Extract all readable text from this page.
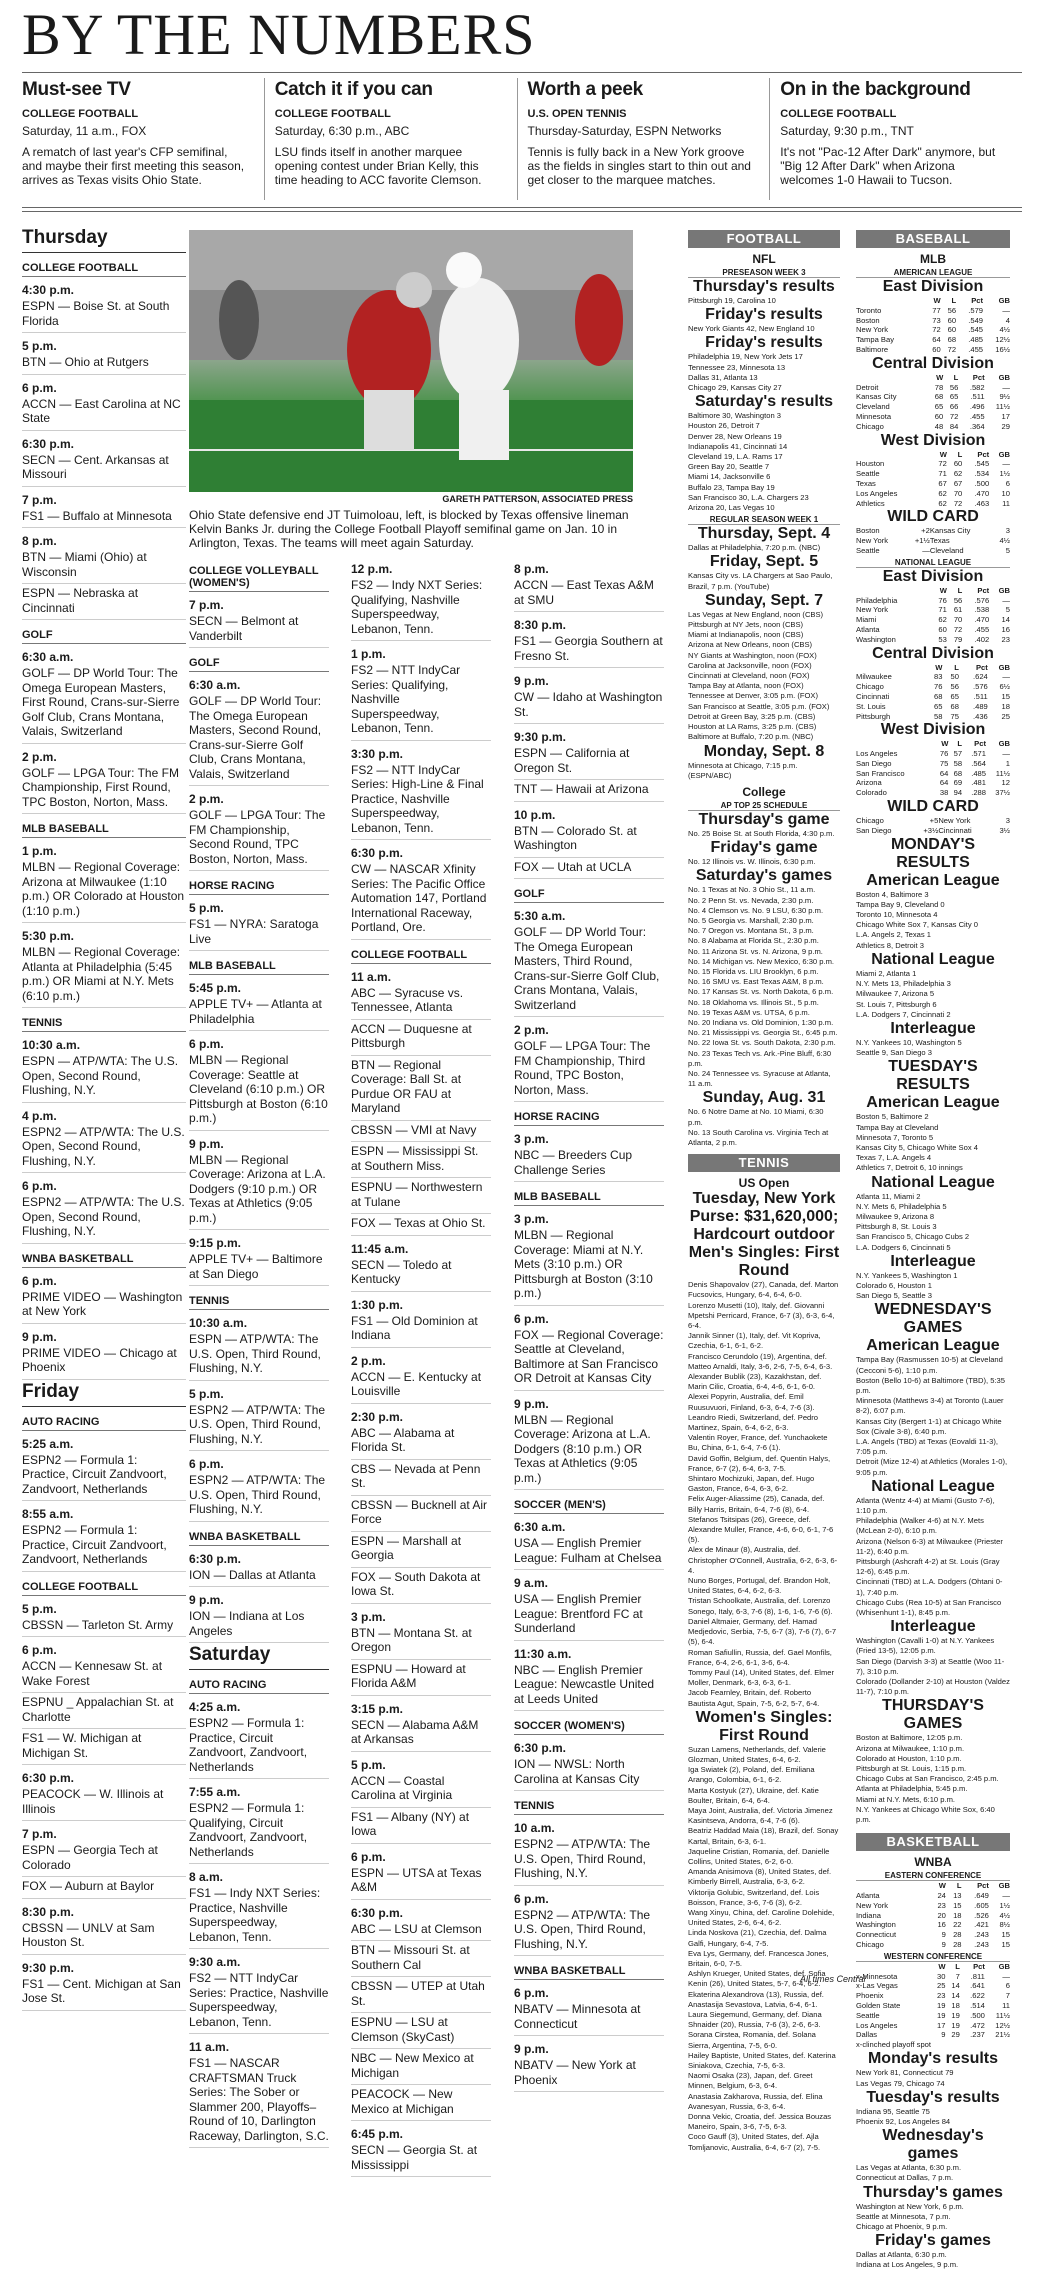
BY THE NUMBERS
Must-see TV
COLLEGE FOOTBALL
Saturday, 11 a.m., FOX

A rematch of last year's CFP semifinal, and maybe their first meeting this season, arrives as Texas visits Ohio State.

Catch it if you can
COLLEGE FOOTBALL
Saturday, 6:30 p.m., ABC

LSU finds itself in another marquee opening contest under Brian Kelly, this time heading to ACC favorite Clemson.

Worth a peek
U.S. OPEN TENNIS
Thursday-Saturday, ESPN Networks

Tennis is fully back in a New York groove as the fields in singles start to thin out and get closer to the marquee matches.

On in the background
COLLEGE FOOTBALL
Saturday, 9:30 p.m., TNT

It's not "Pac-12 After Dark" anymore, but "Big 12 After Dark" when Arizona welcomes 1-0 Hawaii to Tucson.

Thursday
COLLEGE FOOTBALL
4:30 p.m.
ESPN — Boise St. at South Florida
5 p.m.
BTN — Ohio at Rutgers
6 p.m.
ACCN — East Carolina at NC State
6:30 p.m.
SECN — Cent. Arkansas at Missouri
7 p.m.
FS1 — Buffalo at Minnesota
8 p.m.
BTN — Miami (Ohio) at Wisconsin
ESPN — Nebraska at Cincinnati
GOLF
6:30 a.m.
GOLF — DP World Tour: The Omega European Masters, First Round, Crans-sur-Sierre Golf Club, Crans Montana, Valais, Switzerland
2 p.m.
GOLF — LPGA Tour: The FM Championship, First Round, TPC Boston, Norton, Mass.
MLB BASEBALL
1 p.m.
MLBN — Regional Coverage: Arizona at Milwaukee (1:10 p.m.) OR Colorado at Houston (1:10 p.m.)
5:30 p.m.
MLBN — Regional Coverage: Atlanta at Philadelphia (5:45 p.m.) OR Miami at N.Y. Mets (6:10 p.m.)
TENNIS
10:30 a.m.
ESPN — ATP/WTA: The U.S. Open, Second Round, Flushing, N.Y.
4 p.m.
ESPN2 — ATP/WTA: The U.S. Open, Second Round, Flushing, N.Y.
6 p.m.
ESPN2 — ATP/WTA: The U.S. Open, Second Round, Flushing, N.Y.
WNBA BASKETBALL
6 p.m.
PRIME VIDEO — Washington at New York
9 p.m.
PRIME VIDEO — Chicago at Phoenix
Friday
AUTO RACING
5:25 a.m.
ESPN2 — Formula 1: Practice, Circuit Zandvoort, Zandvoort, Netherlands
8:55 a.m.
ESPN2 — Formula 1: Practice, Circuit Zandvoort, Zandvoort, Netherlands
COLLEGE FOOTBALL
5 p.m.
CBSSN — Tarleton St. Army
6 p.m.
ACCN — Kennesaw St. at Wake Forest
ESPNU _ Appalachian St. at Charlotte
FS1 — W. Michigan at Michigan St.
6:30 p.m.
PEACOCK — W. Illinois at Illinois
7 p.m.
ESPN — Georgia Tech at Colorado
FOX — Auburn at Baylor
8:30 p.m.
CBSSN — UNLV at Sam Houston St.
9:30 p.m.
FS1 — Cent. Michigan at San Jose St.
GARETH PATTERSON, ASSOCIATED PRESS
Ohio State defensive end JT Tuimoloau, left, is blocked by Texas offensive lineman Kelvin Banks Jr. during the College Football Playoff semifinal game on Jan. 10 in Arlington, Texas. The teams will meet again Saturday.
COLLEGE VOLLEYBALL (WOMEN'S)
7 p.m.
SECN — Belmont at Vanderbilt
GOLF
6:30 a.m.
GOLF — DP World Tour: The Omega European Masters, Second Round, Crans-sur-Sierre Golf Club, Crans Montana, Valais, Switzerland
2 p.m.
GOLF — LPGA Tour: The FM Championship, Second Round, TPC Boston, Norton, Mass.
HORSE RACING
5 p.m.
FS1 — NYRA: Saratoga Live
MLB BASEBALL
5:45 p.m.
APPLE TV+ — Atlanta at Philadelphia
6 p.m.
MLBN — Regional Coverage: Seattle at Cleveland (6:10 p.m.) OR Pittsburgh at Boston (6:10 p.m.)
9 p.m.
MLBN — Regional Coverage: Arizona at L.A. Dodgers (9:10 p.m.) OR Texas at Athletics (9:05 p.m.)
9:15 p.m.
APPLE TV+ — Baltimore at San Diego
TENNIS
10:30 a.m.
ESPN — ATP/WTA: The U.S. Open, Third Round, Flushing, N.Y.
5 p.m.
ESPN2 — ATP/WTA: The U.S. Open, Third Round, Flushing, N.Y.
6 p.m.
ESPN2 — ATP/WTA: The U.S. Open, Third Round, Flushing, N.Y.
WNBA BASKETBALL
6:30 p.m.
ION — Dallas at Atlanta
9 p.m.
ION — Indiana at Los Angeles
Saturday
AUTO RACING
4:25 a.m.
ESPN2 — Formula 1: Practice, Circuit Zandvoort, Zandvoort, Netherlands
7:55 a.m.
ESPN2 — Formula 1: Qualifying, Circuit Zandvoort, Zandvoort, Netherlands
8 a.m.
FS1 — Indy NXT Series: Practice, Nashville Superspeedway, Lebanon, Tenn.
9:30 a.m.
FS2 — NTT IndyCar Series: Practice, Nashville Superspeedway, Lebanon, Tenn.
11 a.m.
FS1 — NASCAR CRAFTSMAN Truck Series: The Sober or Slammer 200, Playoffs– Round of 10, Darlington Raceway, Darlington, S.C.
12 p.m.
FS2 — Indy NXT Series: Qualifying, Nashville Superspeedway, Lebanon, Tenn.
1 p.m.
FS2 — NTT IndyCar Series: Qualifying, Nashville Superspeedway, Lebanon, Tenn.
3:30 p.m.
FS2 — NTT IndyCar Series: High-Line & Final Practice, Nashville Superspeedway, Lebanon, Tenn.
6:30 p.m.
CW — NASCAR Xfinity Series: The Pacific Office Automation 147, Portland International Raceway, Portland, Ore.
COLLEGE FOOTBALL
11 a.m.
ABC — Syracuse vs. Tennessee, Atlanta
ACCN — Duquesne at Pittsburgh
BTN — Regional Coverage: Ball St. at Purdue OR FAU at Maryland
CBSSN — VMI at Navy
ESPN — Mississippi St. at Southern Miss.
ESPNU — Northwestern at Tulane
FOX — Texas at Ohio St.
11:45 a.m.
SECN — Toledo at Kentucky
1:30 p.m.
FS1 — Old Dominion at Indiana
2 p.m.
ACCN — E. Kentucky at Louisville
2:30 p.m.
ABC — Alabama at Florida St.
CBS — Nevada at Penn St.
CBSSN — Bucknell at Air Force
ESPN — Marshall at Georgia
FOX — South Dakota at Iowa St.
3 p.m.
BTN — Montana St. at Oregon
ESPNU — Howard at Florida A&M
3:15 p.m.
SECN — Alabama A&M at Arkansas
5 p.m.
ACCN — Coastal Carolina at Virginia
FS1 — Albany (NY) at Iowa
6 p.m.
ESPN — UTSA at Texas A&M
6:30 p.m.
ABC — LSU at Clemson
BTN — Missouri St. at Southern Cal
CBSSN — UTEP at Utah St.
ESPNU — LSU at Clemson (SkyCast)
NBC — New Mexico at Michigan
PEACOCK — New Mexico at Michigan
6:45 p.m.
SECN — Georgia St. at Mississippi
8 p.m.
ACCN — East Texas A&M at SMU
8:30 p.m.
FS1 — Georgia Southern at Fresno St.
9 p.m.
CW — Idaho at Washington St.
9:30 p.m.
ESPN — California at Oregon St.
TNT — Hawaii at Arizona
10 p.m.
BTN — Colorado St. at Washington
FOX — Utah at UCLA
GOLF
5:30 a.m.
GOLF — DP World Tour: The Omega European Masters, Third Round, Crans-sur-Sierre Golf Club, Crans Montana, Valais, Switzerland
2 p.m.
GOLF — LPGA Tour: The FM Championship, Third Round, TPC Boston, Norton, Mass.
HORSE RACING
3 p.m.
NBC — Breeders Cup Challenge Series
MLB BASEBALL
3 p.m.
MLBN — Regional Coverage: Miami at N.Y. Mets (3:10 p.m.) OR Pittsburgh at Boston (3:10 p.m.)
6 p.m.
FOX — Regional Coverage: Seattle at Cleveland, Baltimore at San Francisco OR Detroit at Kansas City
9 p.m.
MLBN — Regional Coverage: Arizona at L.A. Dodgers (8:10 p.m.) OR Texas at Athletics (9:05 p.m.)
SOCCER (MEN'S)
6:30 a.m.
USA — English Premier League: Fulham at Chelsea
9 a.m.
USA — English Premier League: Brentford FC at Sunderland
11:30 a.m.
NBC — English Premier League: Newcastle United at Leeds United
SOCCER (WOMEN'S)
6:30 p.m.
ION — NWSL: North Carolina at Kansas City
TENNIS
10 a.m.
ESPN2 — ATP/WTA: The U.S. Open, Third Round, Flushing, N.Y.
6 p.m.
ESPN2 — ATP/WTA: The U.S. Open, Third Round, Flushing, N.Y.
WNBA BASKETBALL
6 p.m.
NBATV — Minnesota at Connecticut
9 p.m.
NBATV — New York at Phoenix
FOOTBALL
NFL
PRESEASON WEEK 3
Thursday's results
Pittsburgh 19, Carolina 10
Friday's results
New York Giants 42, New England 10
Friday's results
Philadelphia 19, New York Jets 17
Tennessee 23, Minnesota 13
Dallas 31, Atlanta 13
Chicago 29, Kansas City 27
Saturday's results
Baltimore 30, Washington 3
Houston 26, Detroit 7
Denver 28, New Orleans 19
Indianapolis 41, Cincinnati 14
Cleveland 19, L.A. Rams 17
Green Bay 20, Seattle 7
Miami 14, Jacksonville 6
Buffalo 23, Tampa Bay 19
San Francisco 30, L.A. Chargers 23
Arizona 20, Las Vegas 10
REGULAR SEASON WEEK 1
Thursday, Sept. 4
Dallas at Philadelphia, 7:20 p.m. (NBC)
Friday, Sept. 5
Kansas City vs. LA Chargers at Sao Paulo, Brazil, 7 p.m. (YouTube)
Sunday, Sept. 7
Las Vegas at New England, noon (CBS)
Pittsburgh at NY Jets, noon (CBS)
Miami at Indianapolis, noon (CBS)
Arizona at New Orleans, noon (CBS)
NY Giants at Washington, noon (FOX)
Carolina at Jacksonville, noon (FOX)
Cincinnati at Cleveland, noon (FOX)
Tampa Bay at Atlanta, noon (FOX)
Tennessee at Denver, 3:05 p.m. (FOX)
San Francisco at Seattle, 3:05 p.m. (FOX)
Detroit at Green Bay, 3:25 p.m. (CBS)
Houston at LA Rams, 3:25 p.m. (CBS)
Baltimore at Buffalo, 7:20 p.m. (NBC)
Monday, Sept. 8
Minnesota at Chicago, 7:15 p.m. (ESPN/ABC)
College
AP TOP 25 SCHEDULE
Thursday's game
No. 25 Boise St. at South Florida, 4:30 p.m.
Friday's game
No. 12 Illinois vs. W. Illinois, 6:30 p.m.
Saturday's games
No. 1 Texas at No. 3 Ohio St., 11 a.m.
No. 2 Penn St. vs. Nevada, 2:30 p.m.
No. 4 Clemson vs. No. 9 LSU, 6:30 p.m.
No. 5 Georgia vs. Marshall, 2:30 p.m.
No. 7 Oregon vs. Montana St., 3 p.m.
No. 8 Alabama at Florida St., 2:30 p.m.
No. 11 Arizona St. vs. N. Arizona, 9 p.m.
No. 14 Michigan vs. New Mexico, 6:30 p.m.
No. 15 Florida vs. LIU Brooklyn, 6 p.m.
No. 16 SMU vs. East Texas A&M, 8 p.m.
No. 17 Kansas St. vs. North Dakota, 6 p.m.
No. 18 Oklahoma vs. Illinois St., 5 p.m.
No. 19 Texas A&M vs. UTSA, 6 p.m.
No. 20 Indiana vs. Old Dominion, 1:30 p.m.
No. 21 Mississippi vs. Georgia St., 6:45 p.m.
No. 22 Iowa St. vs. South Dakota, 2:30 p.m.
No. 23 Texas Tech vs. Ark.-Pine Bluff, 6:30 p.m.
No. 24 Tennessee vs. Syracuse at Atlanta, 11 a.m.
Sunday, Aug. 31
No. 6 Notre Dame at No. 10 Miami, 6:30 p.m.
No. 13 South Carolina vs. Virginia Tech at Atlanta, 2 p.m.
TENNIS
US Open
Tuesday, New York
Purse: $31,620,000; Hardcourt outdoor
Men's Singles: First Round
Denis Shapovalov (27), Canada, def. Marton Fucsovics, Hungary, 6-4, 6-4, 6-0.
Lorenzo Musetti (10), Italy, def. Giovanni Mpetshi Perricard, France, 6-7 (3), 6-3, 6-4, 6-4.
Jannik Sinner (1), Italy, def. Vit Kopriva, Czechia, 6-1, 6-1, 6-2.
Francisco Cerundolo (19), Argentina, def. Matteo Arnaldi, Italy, 3-6, 2-6, 7-5, 6-4, 6-3.
Alexander Bublik (23), Kazakhstan, def. Marin Cilic, Croatia, 6-4, 4-6, 6-1, 6-0.
Alexei Popyrin, Australia, def. Emil Ruusuvuori, Finland, 6-3, 6-4, 7-6 (3).
Leandro Riedi, Switzerland, def. Pedro Martinez, Spain, 6-4, 6-2, 6-3.
Valentin Royer, France, def. Yunchaokete Bu, China, 6-1, 6-4, 7-6 (1).
David Goffin, Belgium, def. Quentin Halys, France, 6-7 (2), 6-4, 6-3, 7-5.
Shintaro Mochizuki, Japan, def. Hugo Gaston, France, 6-4, 6-3, 6-2.
Felix Auger-Aliassime (25), Canada, def. Billy Harris, Britain, 6-4, 7-6 (8), 6-4.
Stefanos Tsitsipas (26), Greece, def. Alexandre Muller, France, 4-6, 6-0, 6-1, 7-6 (5).
Alex de Minaur (8), Australia, def. Christopher O'Connell, Australia, 6-2, 6-3, 6-4.
Nuno Borges, Portugal, def. Brandon Holt, United States, 6-4, 6-2, 6-3.
Tristan Schoolkate, Australia, def. Lorenzo Sonego, Italy, 6-3, 7-6 (8), 1-6, 1-6, 7-6 (6).
Daniel Altmaier, Germany, def. Hamad Medjedovic, Serbia, 7-5, 6-7 (3), 7-6 (7), 6-7 (5), 6-4.
Roman Safiullin, Russia, def. Gael Monfils, France, 6-4, 2-6, 6-1, 3-6, 6-4.
Tommy Paul (14), United States, def. Elmer Moller, Denmark, 6-3, 6-3, 6-1.
Jacob Fearnley, Britain, def. Roberto Bautista Agut, Spain, 7-5, 6-2, 5-7, 6-4.
Women's Singles: First Round
Suzan Lamens, Netherlands, def. Valerie Glozman, United States, 6-4, 6-2.
Iga Swiatek (2), Poland, def. Emiliana Arango, Colombia, 6-1, 6-2.
Marta Kostyuk (27), Ukraine, def. Katie Boulter, Britain, 6-4, 6-4.
Maya Joint, Australia, def. Victoria Jimenez Kasintseva, Andorra, 6-4, 7-6 (6).
Beatriz Haddad Maia (18), Brazil, def. Sonay Kartal, Britain, 6-3, 6-1.
Jaqueline Cristian, Romania, def. Danielle Collins, United States, 6-2, 6-0.
Amanda Anisimova (8), United States, def. Kimberly Birrell, Australia, 6-3, 6-2.
Viktorija Golubic, Switzerland, def. Lois Boisson, France, 3-6, 7-6 (3), 6-2.
Wang Xinyu, China, def. Caroline Dolehide, United States, 2-6, 6-4, 6-2.
Linda Noskova (21), Czechia, def. Dalma Galfi, Hungary, 6-4, 7-5.
Eva Lys, Germany, def. Francesca Jones, Britain, 6-0, 7-5.
Ashlyn Krueger, United States, def. Sofia Kenin (26), United States, 5-7, 6-4, 6-2.
Ekaterina Alexandrova (13), Russia, def. Anastasija Sevastova, Latvia, 6-4, 6-1.
Laura Siegemund, Germany, def. Diana Shnaider (20), Russia, 7-6 (3), 2-6, 6-3.
Sorana Cirstea, Romania, def. Solana Sierra, Argentina, 7-5, 6-0.
Hailey Baptiste, United States, def. Katerina Siniakova, Czechia, 7-5, 6-3.
Naomi Osaka (23), Japan, def. Greet Minnen, Belgium, 6-3, 6-4.
Anastasia Zakharova, Russia, def. Elina Avanesyan, Russia, 6-3, 6-4.
Donna Vekic, Croatia, def. Jessica Bouzas Maneiro, Spain, 3-6, 7-5, 6-3.
Coco Gauff (3), United States, def. Ajla Tomljanovic, Australia, 6-4, 6-7 (2), 7-5.
BASEBALL
MLB
AMERICAN LEAGUE
East Division
	W	L	Pct	GB
Toronto	77	56	.579	—
Boston	73	60	.549	4
New York	72	60	.545	4½
Tampa Bay	64	68	.485	12½
Baltimore	60	72	.455	16½
Central Division
	W	L	Pct	GB
Detroit	78	56	.582	—
Kansas City	68	65	.511	9½
Cleveland	65	66	.496	11½
Minnesota	60	72	.455	17
Chicago	48	84	.364	29
West Division
	W	L	Pct	GB
Houston	72	60	.545	—
Seattle	71	62	.534	1½
Texas	67	67	.500	6
Los Angeles	62	70	.470	10
Athletics	62	72	.463	11
WILD CARD
Boston	+2	Kansas City	3
New York	+1½	Texas	4½
Seattle	—	Cleveland	5
NATIONAL LEAGUE
East Division
	W	L	Pct	GB
Philadelphia	76	56	.576	—
New York	71	61	.538	5
Miami	62	70	.470	14
Atlanta	60	72	.455	16
Washington	53	79	.402	23
Central Division
	W	L	Pct	GB
Milwaukee	83	50	.624	—
Chicago	76	56	.576	6½
Cincinnati	68	65	.511	15
St. Louis	65	68	.489	18
Pittsburgh	58	75	.436	25
West Division
	W	L	Pct	GB
Los Angeles	76	57	.571	—
San Diego	75	58	.564	1
San Francisco	64	68	.485	11½
Arizona	64	69	.481	12
Colorado	38	94	.288	37½
WILD CARD
Chicago	+5	New York	3
San Diego	+3½	Cincinnati	3½
MONDAY'S RESULTS
American League
Boston 4, Baltimore 3
Tampa Bay 9, Cleveland 0
Toronto 10, Minnesota 4
Chicago White Sox 7, Kansas City 0
L.A. Angels 2, Texas 1
Athletics 8, Detroit 3
National League
Miami 2, Atlanta 1
N.Y. Mets 13, Philadelphia 3
Milwaukee 7, Arizona 5
St. Louis 7, Pittsburgh 6
L.A. Dodgers 7, Cincinnati 2
Interleague
N.Y. Yankees 10, Washington 5
Seattle 9, San Diego 3
TUESDAY'S RESULTS
American League
Boston 5, Baltimore 2
Tampa Bay at Cleveland
Minnesota 7, Toronto 5
Kansas City 5, Chicago White Sox 4
Texas 7, L.A. Angels 4
Athletics 7, Detroit 6, 10 innings
National League
Atlanta 11, Miami 2
N.Y. Mets 6, Philadelphia 5
Milwaukee 9, Arizona 8
Pittsburgh 8, St. Louis 3
San Francisco 5, Chicago Cubs 2
L.A. Dodgers 6, Cincinnati 5
Interleague
N.Y. Yankees 5, Washington 1
Colorado 6, Houston 1
San Diego 5, Seattle 3
WEDNESDAY'S GAMES
American League
Tampa Bay (Rasmussen 10-5) at Cleveland (Cecconi 5-6), 1:10 p.m.
Boston (Bello 10-6) at Baltimore (TBD), 5:35 p.m.
Minnesota (Matthews 3-4) at Toronto (Lauer 8-2), 6:07 p.m.
Kansas City (Bergert 1-1) at Chicago White Sox (Civale 3-8), 6:40 p.m.
L.A. Angels (TBD) at Texas (Eovaldi 11-3), 7:05 p.m.
Detroit (Mize 12-4) at Athletics (Morales 1-0), 9:05 p.m.
National League
Atlanta (Wentz 4-4) at Miami (Gusto 7-6), 1:10 p.m.
Philadelphia (Walker 4-6) at N.Y. Mets (McLean 2-0), 6:10 p.m.
Arizona (Nelson 6-3) at Milwaukee (Priester 11-2), 6:40 p.m.
Pittsburgh (Ashcraft 4-2) at St. Louis (Gray 12-6), 6:45 p.m.
Cincinnati (TBD) at L.A. Dodgers (Ohtani 0-1), 7:40 p.m.
Chicago Cubs (Rea 10-5) at San Francisco (Whisenhunt 1-1), 8:45 p.m.
Interleague
Washington (Cavalli 1-0) at N.Y. Yankees (Fried 13-5), 12:05 p.m.
San Diego (Darvish 3-3) at Seattle (Woo 11-7), 3:10 p.m.
Colorado (Dollander 2-10) at Houston (Valdez 11-7), 7:10 p.m.
THURSDAY'S GAMES
Boston at Baltimore, 12:05 p.m.
Arizona at Milwaukee, 1:10 p.m.
Colorado at Houston, 1:10 p.m.
Pittsburgh at St. Louis, 1:15 p.m.
Chicago Cubs at San Francisco, 2:45 p.m.
Atlanta at Philadelphia, 5:45 p.m.
Miami at N.Y. Mets, 6:10 p.m.
N.Y. Yankees at Chicago White Sox, 6:40 p.m.
BASKETBALL
WNBA
EASTERN CONFERENCE
	W	L	Pct	GB
Atlanta	24	13	.649	—
New York	23	15	.605	1½
Indiana	20	18	.526	4½
Washington	16	22	.421	8½
Connecticut	9	28	.243	15
Chicago	9	28	.243	15
WESTERN CONFERENCE
	W	L	Pct	GB
x-Minnesota	30	7	.811	—
x-Las Vegas	25	14	.641	6
Phoenix	23	14	.622	7
Golden State	19	18	.514	11
Seattle	19	19	.500	11½
Los Angeles	17	19	.472	12½
Dallas	9	29	.237	21½
x-clinched playoff spot
Monday's results
New York 81, Connecticut 79
Las Vegas 79, Chicago 74
Tuesday's results
Indiana 95, Seattle 75
Phoenix 92, Los Angeles 84
Wednesday's games
Las Vegas at Atlanta, 6:30 p.m.
Connecticut at Dallas, 7 p.m.
Thursday's games
Washington at New York, 6 p.m.
Seattle at Minnesota, 7 p.m.
Chicago at Phoenix, 9 p.m.
Friday's games
Dallas at Atlanta, 6:30 p.m.
Indiana at Los Angeles, 9 p.m.
All times Central
